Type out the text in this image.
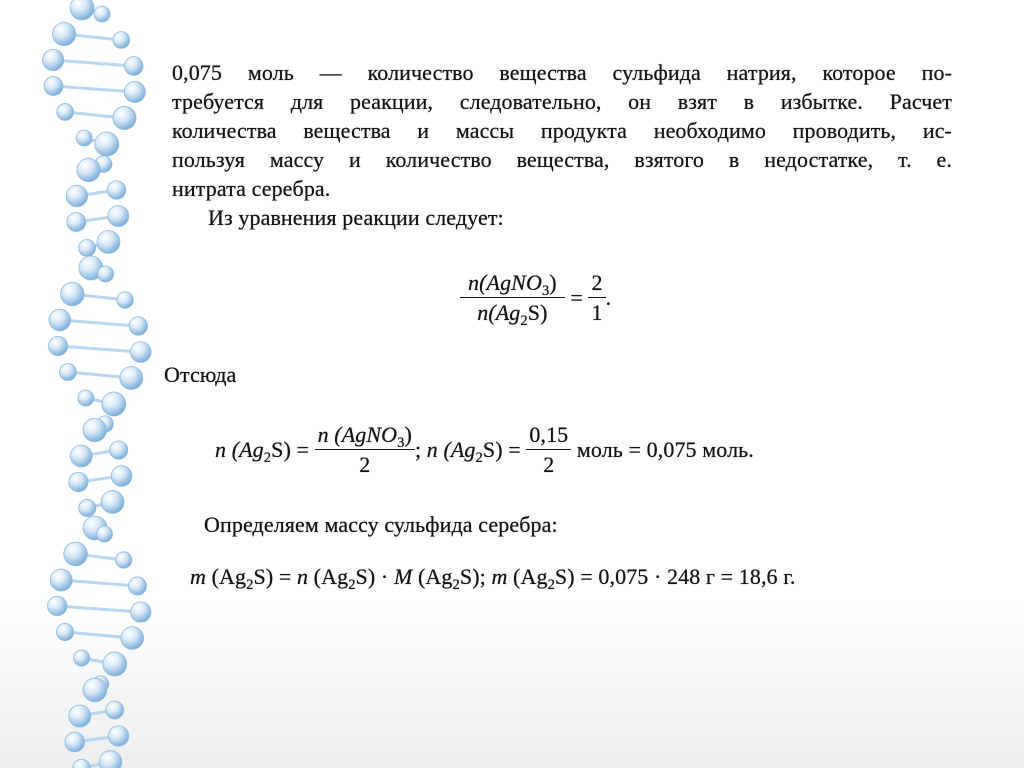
0,075 моль — количество вещества сульфида натрия, которое по-
требуется для реакции, следовательно, он взят в избытке. Расчет
количества вещества и массы продукта необходимо проводить, ис-
пользуя массу и количество вещества, взятого в недостатке, т. е.
нитрата серебра.
Из уравнения реакции следует:
$\frac{n(AgNO_3)}{n(Ag_2S)} = \frac{2}{1}$ .
Отсюда
n $(Ag_2S) = \frac{n (AgNO_3)}{2}$ ; n $(Ag_2S) = \frac{0,15}{2}$ моль = 0,075 моль.
Определяем массу сульфида серебра:
m $(Ag_2S) = n$ $(Ag_2S) \cdot M$ $(Ag_2S)$; m $(Ag_2S) = 0,075 \cdot 248$ г = 18,6 г.
